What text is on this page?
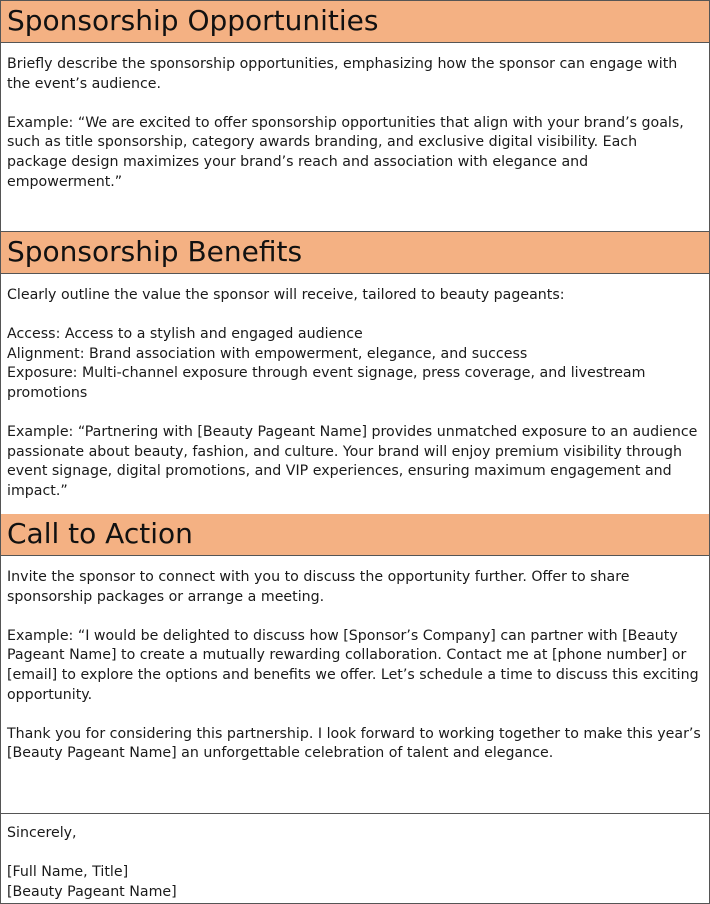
Sponsorship Opportunities

Briefly describe the sponsorship opportunities, emphasizing how the sponsor can engage with the event’s audience.

Example: “We are excited to offer sponsorship opportunities that align with your brand’s goals, such as title sponsorship, category awards branding, and exclusive digital visibility. Each package design maximizes your brand’s reach and association with elegance and empowerment.”

Sponsorship Benefits

Clearly outline the value the sponsor will receive, tailored to beauty pageants:

Access: Access to a stylish and engaged audience

Alignment: Brand association with empowerment, elegance, and success

Exposure: Multi-channel exposure through event signage, press coverage, and livestream promotions

Example: “Partnering with [Beauty Pageant Name] provides unmatched exposure to an audience passionate about beauty, fashion, and culture. Your brand will enjoy premium visibility through event signage, digital promotions, and VIP experiences, ensuring maximum engagement and impact.”

Call to Action

Invite the sponsor to connect with you to discuss the opportunity further. Offer to share sponsorship packages or arrange a meeting.

Example: “I would be delighted to discuss how [Sponsor’s Company] can partner with [Beauty Pageant Name] to create a mutually rewarding collaboration. Contact me at [phone number] or [email] to explore the options and benefits we offer. Let’s schedule a time to discuss this exciting opportunity.

Thank you for considering this partnership. I look forward to working together to make this year’s [Beauty Pageant Name] an unforgettable celebration of talent and elegance.

Sincerely,

[Full Name, Title]

[Beauty Pageant Name]
